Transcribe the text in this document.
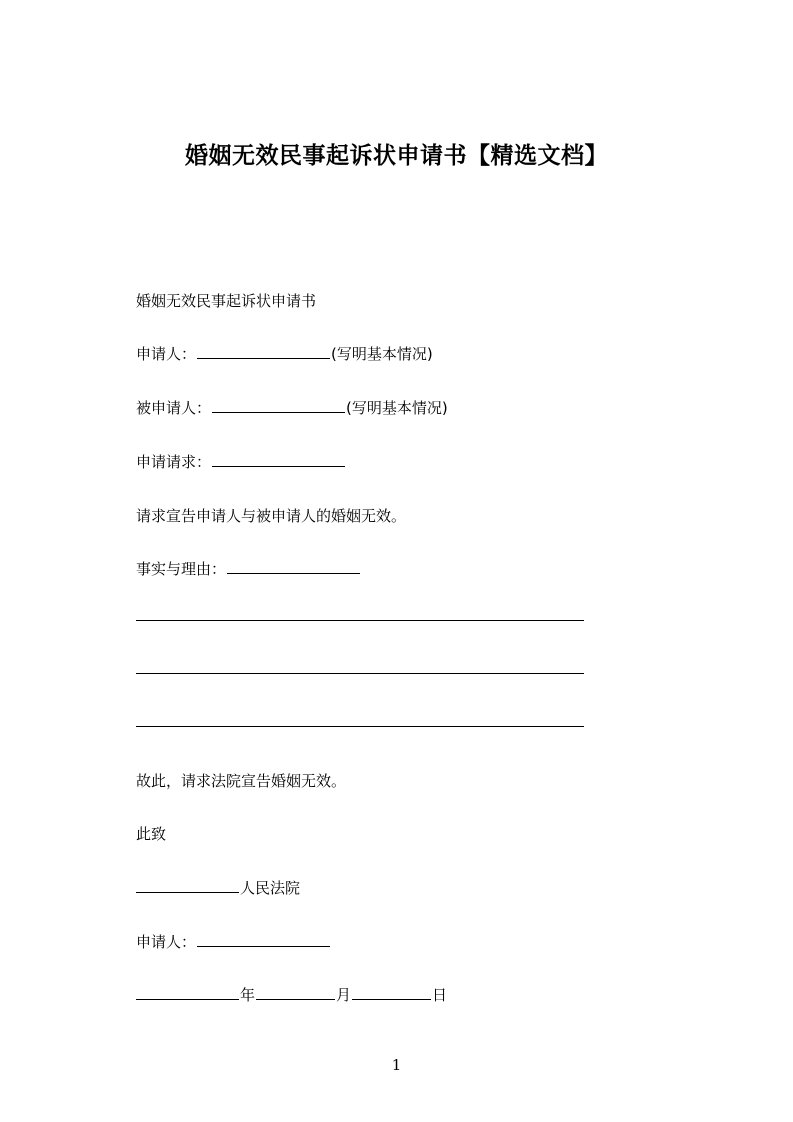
婚姻无效民事起诉状申请书【精选文档】
婚姻无效民事起诉状申请书
申请人：	(写明基本情况)
被申请人：	(写明基本情况)
申请请求：
请求宣告申请人与被申请人的婚姻无效。
事实与理由：
故此，请求法院宣告婚姻无效。
此致
人民法院
申请人：
年	月	日
1
